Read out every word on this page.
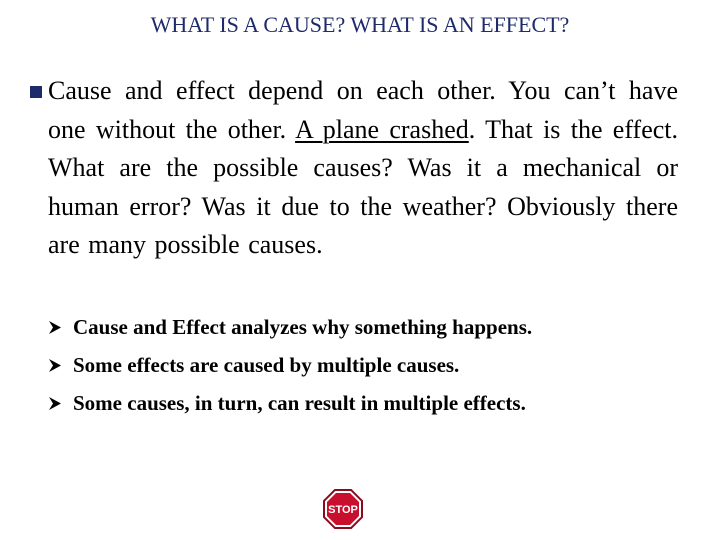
WHAT IS A CAUSE? WHAT IS AN EFFECT?

Cause and effect depend on each other. You can’t have one without the other. A plane crashed. That is the effect. What are the possible causes? Was it a mechanical or human error? Was it due to the weather? Obviously there are many possible causes.

Cause and Effect analyzes why something happens.
Some effects are caused by multiple causes.
Some causes, in turn, can result in multiple effects.
STOP
